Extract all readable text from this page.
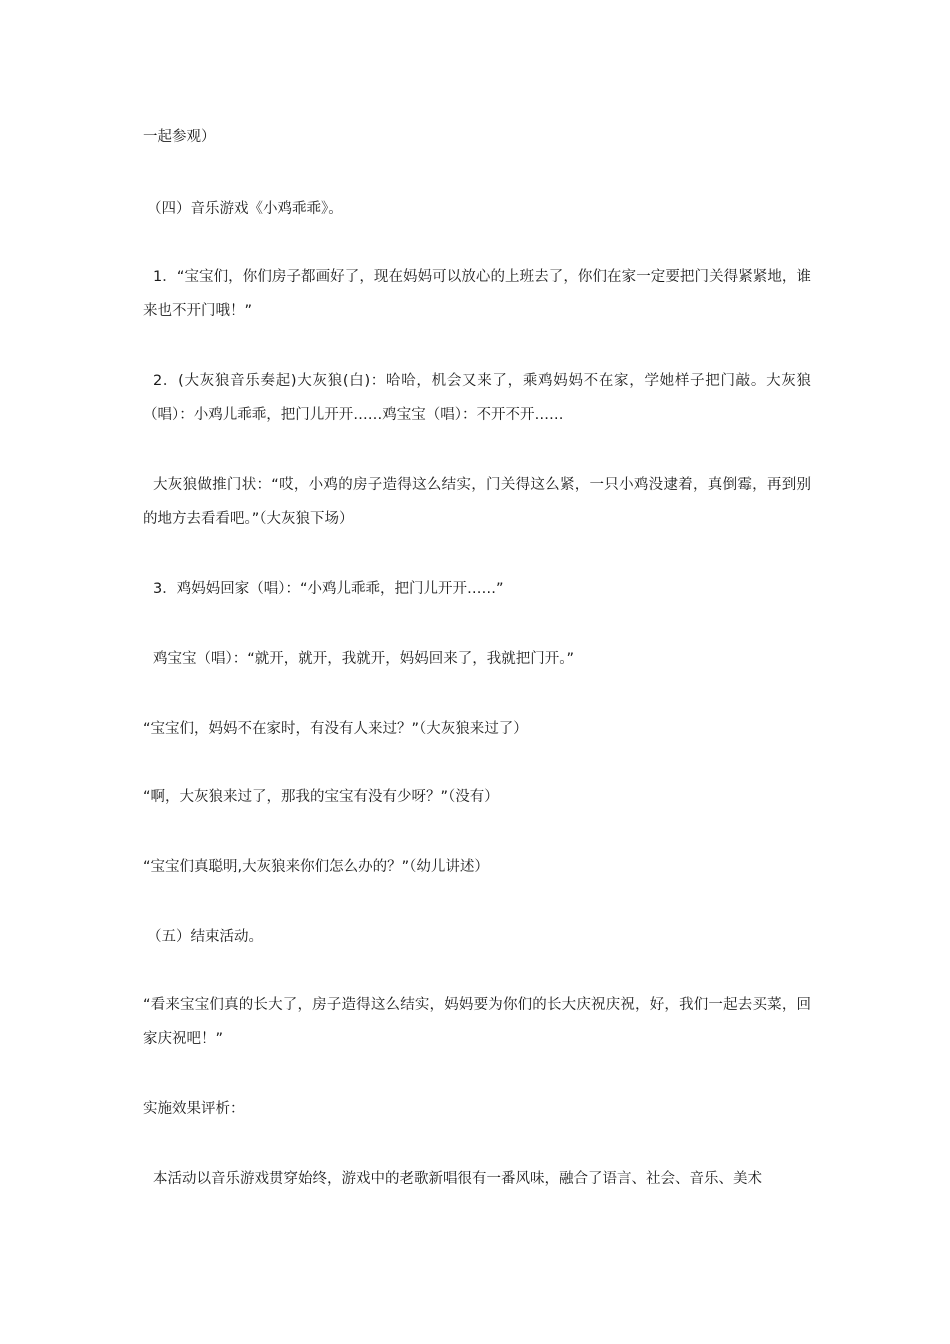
一起参观）

（四）音乐游戏《小鸡乖乖》。

1．“宝宝们，你们房子都画好了，现在妈妈可以放心的上班去了，你们在家一定要把门关得紧紧地，谁来也不开门哦！”

2．(大灰狼音乐奏起)大灰狼(白)：哈哈，机会又来了，乘鸡妈妈不在家，学她样子把门敲。大灰狼（唱）：小鸡儿乖乖，把门儿开开……鸡宝宝（唱）：不开不开……

大灰狼做推门状：“哎，小鸡的房子造得这么结实，门关得这么紧，一只小鸡没逮着，真倒霉，再到别的地方去看看吧。”（大灰狼下场）

3．鸡妈妈回家（唱）：“小鸡儿乖乖，把门儿开开……”

鸡宝宝（唱）：“就开，就开，我就开，妈妈回来了，我就把门开。”

“宝宝们，妈妈不在家时，有没有人来过？”（大灰狼来过了）

“啊，大灰狼来过了，那我的宝宝有没有少呀？”（没有）

“宝宝们真聪明,大灰狼来你们怎么办的？”（幼儿讲述）

（五）结束活动。

“看来宝宝们真的长大了，房子造得这么结实，妈妈要为你们的长大庆祝庆祝，好，我们一起去买菜，回家庆祝吧！”

实施效果评析：

本活动以音乐游戏贯穿始终，游戏中的老歌新唱很有一番风味，融合了语言、社会、音乐、美术
